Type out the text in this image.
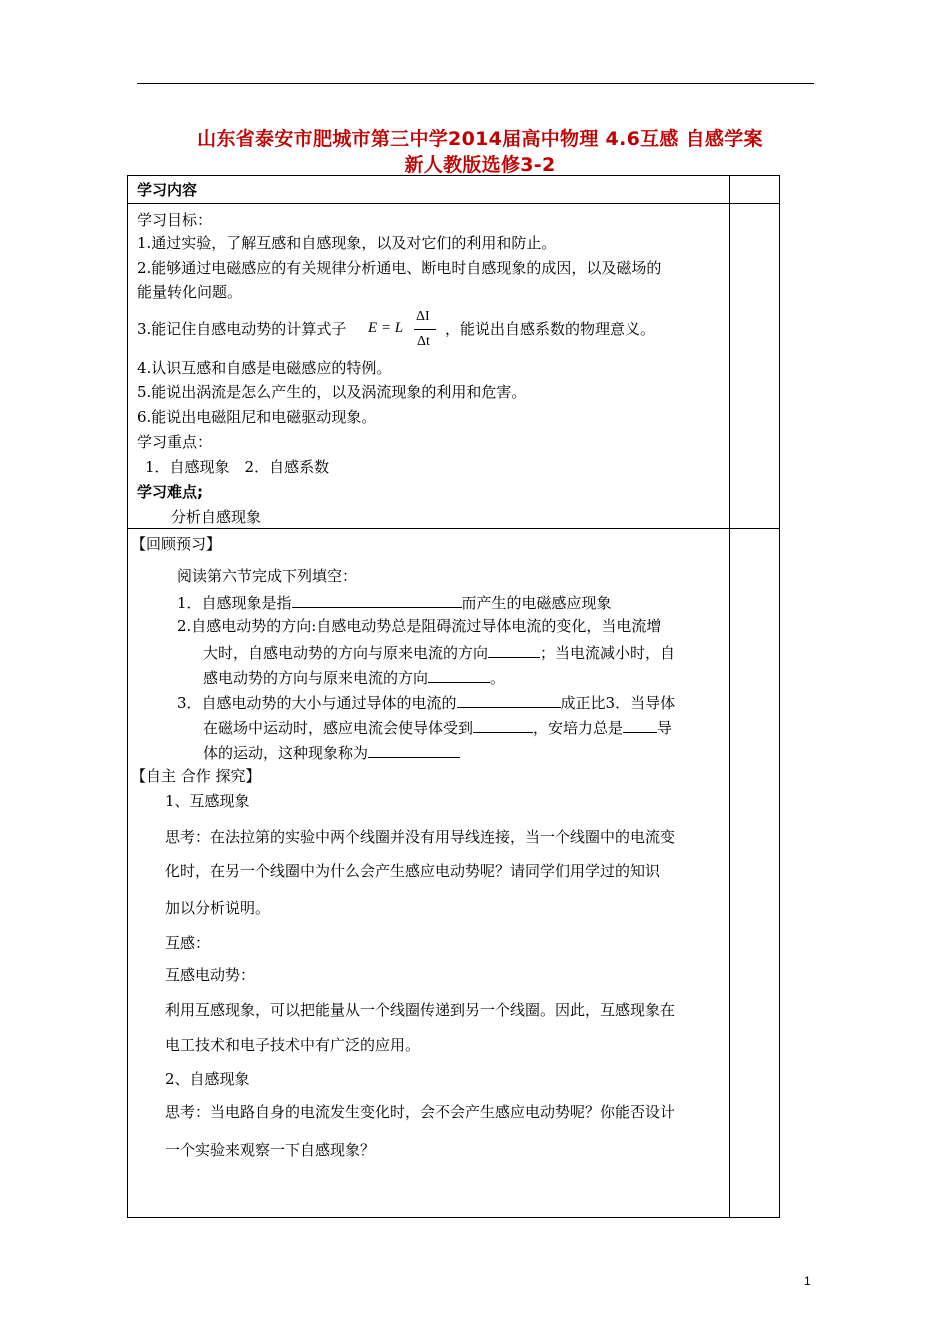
山东省泰安市肥城市第三中学2014届高中物理 4.6互感 自感学案
新人教版选修3-2
学习内容
学习目标：
1.通过实验，了解互感和自感现象，以及对它们的利用和防止。
2.能够通过电磁感应的有关规律分析通电、断电时自感现象的成因，以及磁场的
能量转化问题。
3.能记住自感电动势的计算式子 E = L
ΔI
Δt
，能说出自感系数的物理意义。
4.认识互感和自感是电磁感应的特例。
5.能说出涡流是怎么产生的，以及涡流现象的利用和危害。
6.能说出电磁阻尼和电磁驱动现象。
学习重点：
1．自感现象　2．自感系数
学习难点;
分析自感现象
【回顾预习】
阅读第六节完成下列填空：
1．自感现象是指	而产生的电磁感应现象
2.自感电动势的方向:自感电动势总是阻碍流过导体电流的变化，当电流增
大时，自感电动势的方向与原来电流的方向	；当电流减小时，自
感电动势的方向与原来电流的方向	。
3．自感电动势的大小与通过导体的电流的	成正比3．当导体
在磁场中运动时，感应电流会使导体受到	，安培力总是 导
体的运动，这种现象称为
【自主 合作 探究】
1、互感现象
思考：在法拉第的实验中两个线圈并没有用导线连接，当一个线圈中的电流变
化时，在另一个线圈中为什么会产生感应电动势呢？请同学们用学过的知识
加以分析说明。
互感：
互感电动势：
利用互感现象，可以把能量从一个线圈传递到另一个线圈。因此，互感现象在
电工技术和电子技术中有广泛的应用。
2、自感现象
思考：当电路自身的电流发生变化时，会不会产生感应电动势呢？你能否设计
一个实验来观察一下自感现象？
1
